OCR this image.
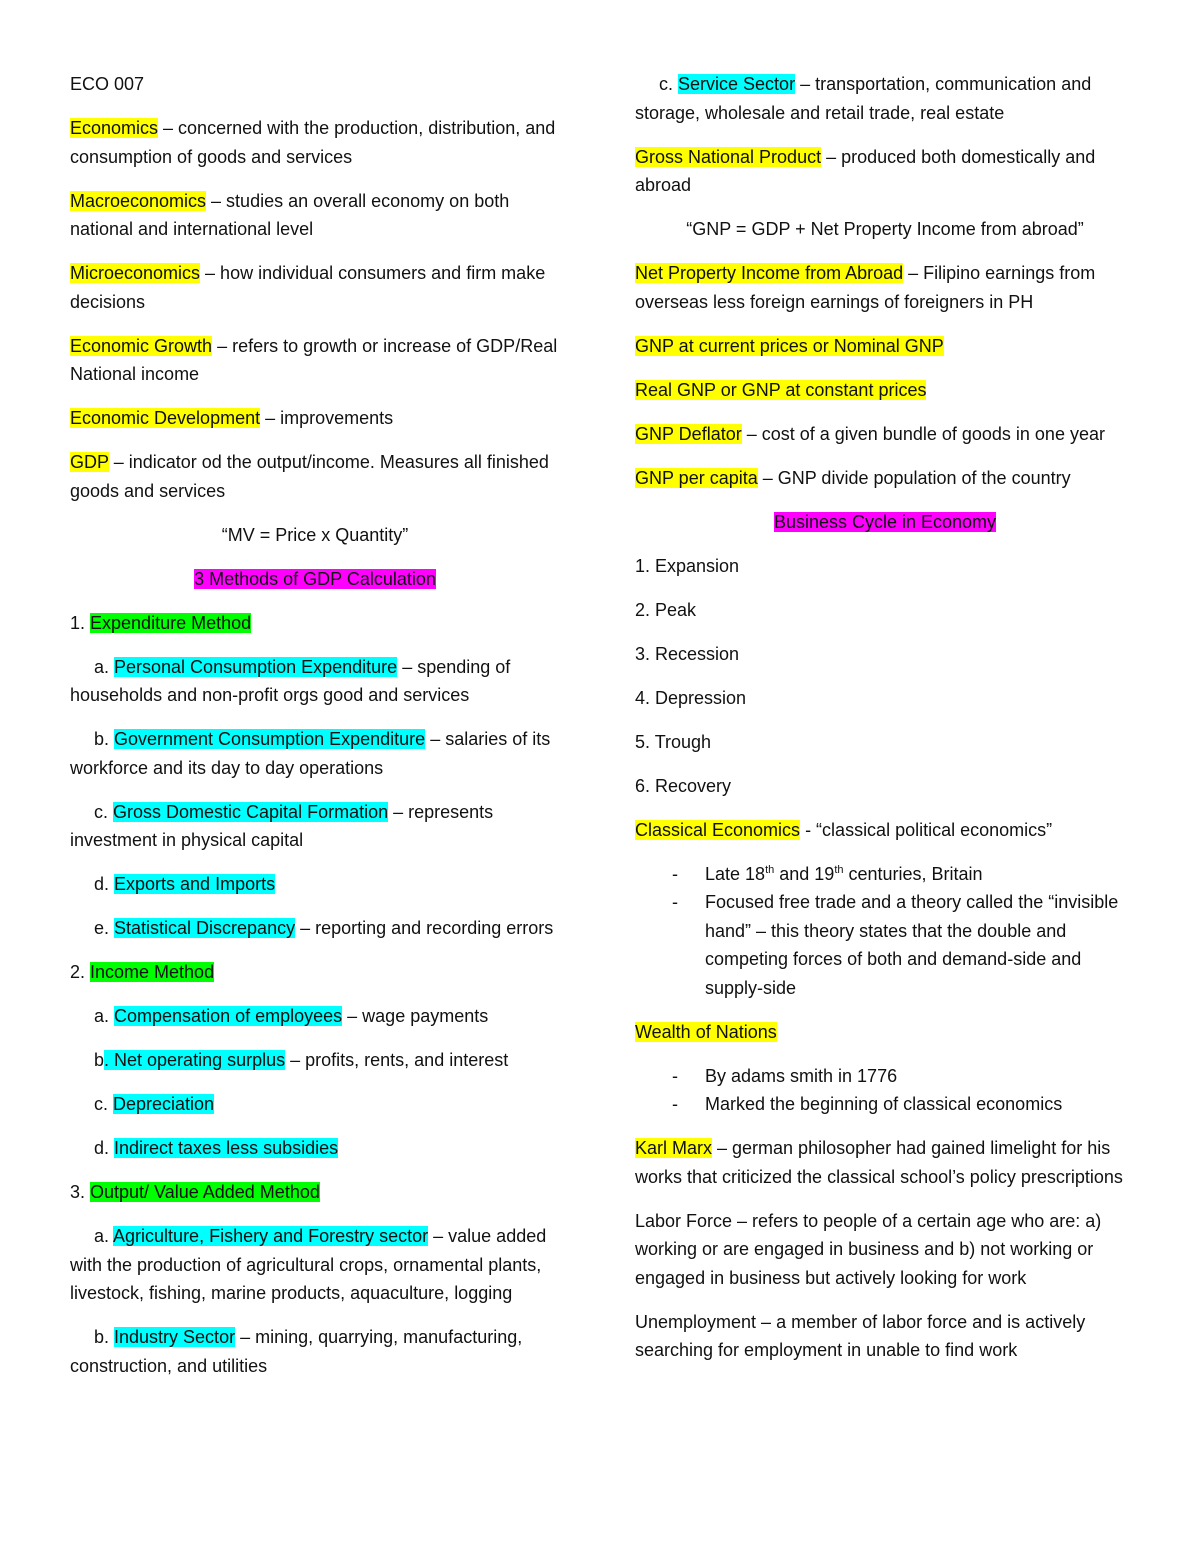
ECO 007

Economics – concerned with the production, distribution, and consumption of goods and services

Macroeconomics – studies an overall economy on both national and international level

Microeconomics – how individual consumers and firm make decisions

Economic Growth – refers to growth or increase of GDP/Real National income

Economic Development – improvements

GDP – indicator od the output/income. Measures all finished goods and services

“MV = Price x Quantity”

3 Methods of GDP Calculation

1. Expenditure Method

a. Personal Consumption Expenditure – spending of households and non-profit orgs good and services

b. Government Consumption Expenditure – salaries of its workforce and its day to day operations

c. Gross Domestic Capital Formation – represents investment in physical capital

d. Exports and Imports

e. Statistical Discrepancy – reporting and recording errors

2. Income Method

a. Compensation of employees – wage payments

b. Net operating surplus – profits, rents, and interest

c. Depreciation

d. Indirect taxes less subsidies

3. Output/ Value Added Method

a. Agriculture, Fishery and Forestry sector – value added with the production of agricultural crops, ornamental plants, livestock, fishing, marine products, aquaculture, logging

b. Industry Sector – mining, quarrying, manufacturing, construction, and utilities

c. Service Sector – transportation, communication and storage, wholesale and retail trade, real estate

Gross National Product – produced both domestically and abroad

“GNP = GDP + Net Property Income from abroad”

Net Property Income from Abroad – Filipino earnings from overseas less foreign earnings of foreigners in PH

GNP at current prices or Nominal GNP

Real GNP or GNP at constant prices

GNP Deflator – cost of a given bundle of goods in one year

GNP per capita – GNP divide population of the country

Business Cycle in Economy

1. Expansion

2. Peak

3. Recession

4. Depression

5. Trough

6. Recovery

Classical Economics - “classical political economics”

- Late 18th and 19th centuries, Britain
- Focused free trade and a theory called the “invisible hand” – this theory states that the double and competing forces of both and demand-side and supply-side

Wealth of Nations

- By adams smith in 1776
- Marked the beginning of classical economics

Karl Marx – german philosopher had gained limelight for his works that criticized the classical school’s policy prescriptions

Labor Force – refers to people of a certain age who are: a) working or are engaged in business and b) not working or engaged in business but actively looking for work

Unemployment – a member of labor force and is actively searching for employment in unable to find work
